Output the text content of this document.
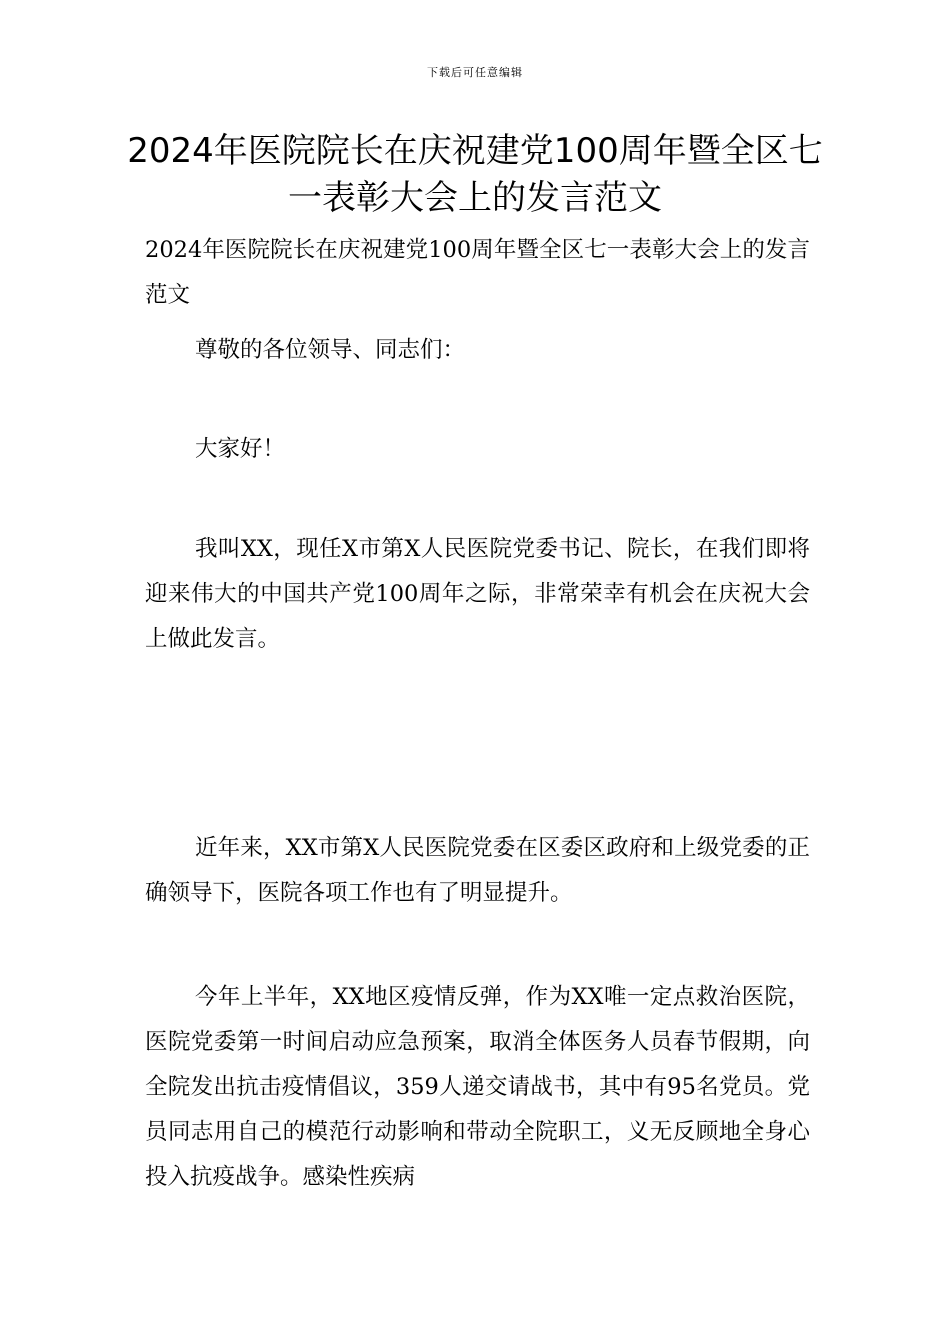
下载后可任意编辑
2024年医院院长在庆祝建党100周年暨全区七一表彰大会上的发言范文

2024年医院院长在庆祝建党100周年暨全区七一表彰大会上的发言范文

尊敬的各位领导、同志们：

大家好！

我叫XX，现任X市第X人民医院党委书记、院长，在我们即将迎来伟大的中国共产党100周年之际，非常荣幸有机会在庆祝大会上做此发言。

近年来，XX市第X人民医院党委在区委区政府和上级党委的正确领导下，医院各项工作也有了明显提升。

今年上半年，XX地区疫情反弹，作为XX唯一定点救治医院，医院党委第一时间启动应急预案，取消全体医务人员春节假期，向全院发出抗击疫情倡议，359人递交请战书，其中有95名党员。党员同志用自己的模范行动影响和带动全院职工，义无反顾地全身心投入抗疫战争。感染性疾病
